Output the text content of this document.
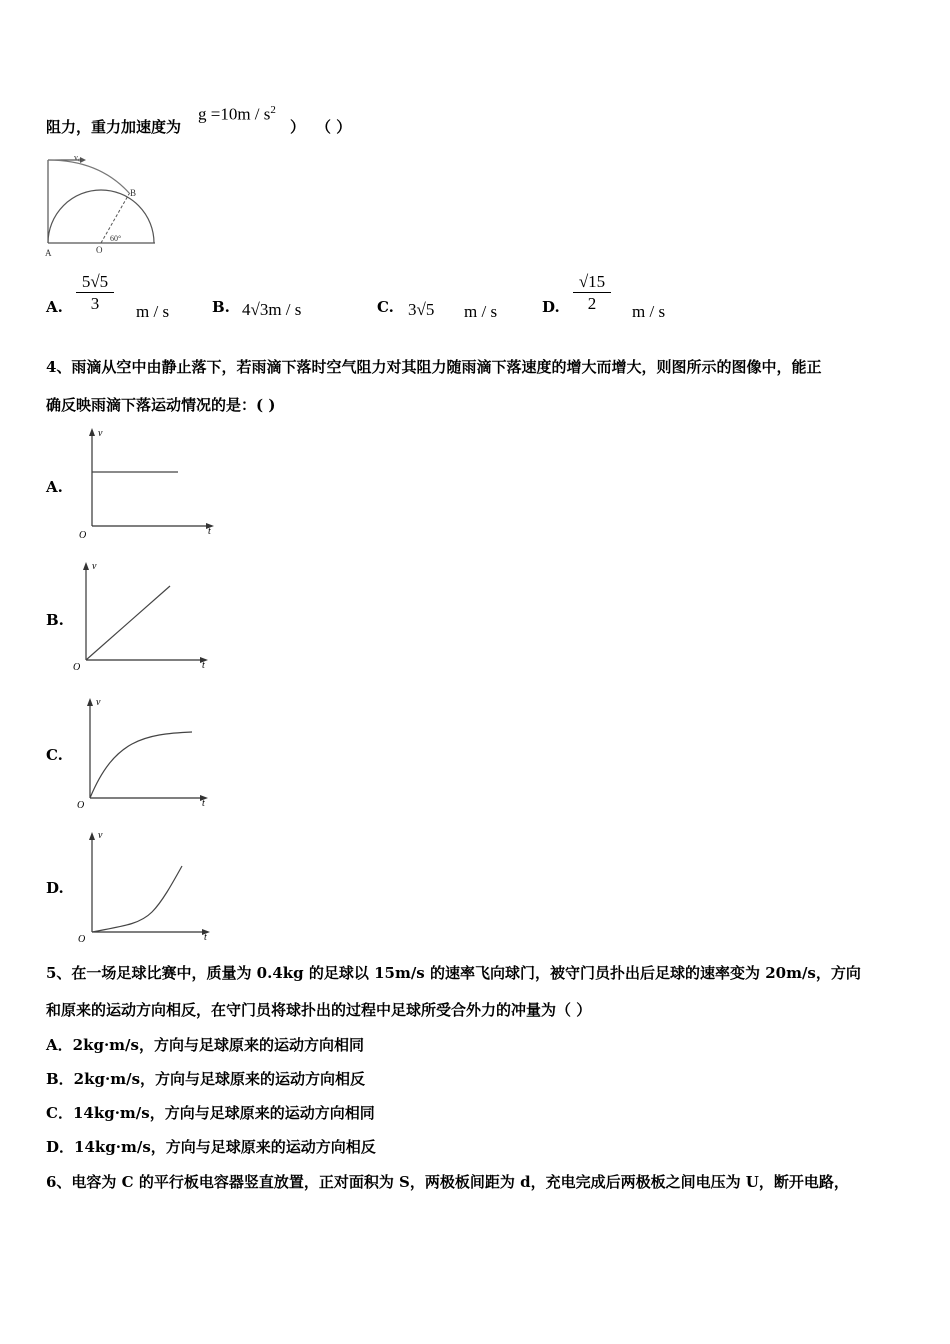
阻力，重力加速度为
$g =10m / s^2$
） （ ）
v₀
B
O
A
60°
A. $\frac{5√5}{3}$ m / s	B. 4√3m / s	C. 3√5 m / s	D. $\frac{√15}{2}$ m / s
4、雨滴从空中由静止落下，若雨滴下落时空气阻力对其阻力随雨滴下落速度的增大而增大，则图所示的图像中，能正
确反映雨滴下落运动情况的是：( )
A.
v
t
O
B.
v
t
O
C.
v
t
O
D.
v
t
O
5、在一场足球比赛中，质量为 0.4kg 的足球以 15m/s 的速率飞向球门，被守门员扑出后足球的速率变为 20m/s，方向
和原来的运动方向相反，在守门员将球扑出的过程中足球所受合外力的冲量为（ ）
A．2kg·m/s，方向与足球原来的运动方向相同
B．2kg·m/s，方向与足球原来的运动方向相反
C．14kg·m/s，方向与足球原来的运动方向相同
D．14kg·m/s，方向与足球原来的运动方向相反
6、电容为 C 的平行板电容器竖直放置，正对面积为 S，两极板间距为 d，充电完成后两极板之间电压为 U，断开电路，
